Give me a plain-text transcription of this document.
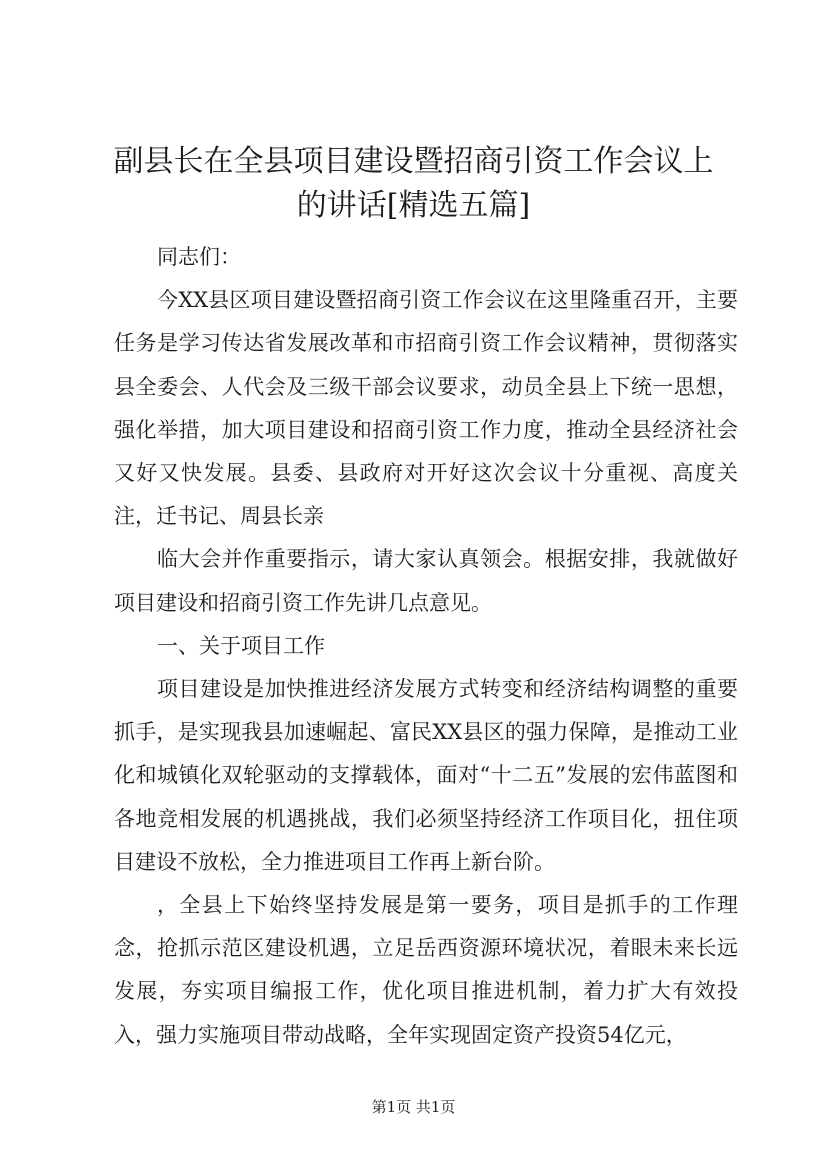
副县长在全县项目建设暨招商引资工作会议上
的讲话[精选五篇]

同志们：

今XX县区项目建设暨招商引资工作会议在这里隆重召开，主要任务是学习传达省发展改革和市招商引资工作会议精神，贯彻落实县全委会、人代会及三级干部会议要求，动员全县上下统一思想，强化举措，加大项目建设和招商引资工作力度，推动全县经济社会又好又快发展。县委、县政府对开好这次会议十分重视、高度关注，迁书记、周县长亲

临大会并作重要指示，请大家认真领会。根据安排，我就做好项目建设和招商引资工作先讲几点意见。

一、关于项目工作

项目建设是加快推进经济发展方式转变和经济结构调整的重要抓手，是实现我县加速崛起、富民XX县区的强力保障，是推动工业化和城镇化双轮驱动的支撑载体，面对“十二五”发展的宏伟蓝图和各地竞相发展的机遇挑战，我们必须坚持经济工作项目化，扭住项目建设不放松，全力推进项目工作再上新台阶。

，全县上下始终坚持发展是第一要务，项目是抓手的工作理念，抢抓示范区建设机遇，立足岳西资源环境状况，着眼未来长远发展，夯实项目编报工作，优化项目推进机制，着力扩大有效投入，强力实施项目带动战略，全年实现固定资产投资54亿元，

第1页 共1页
